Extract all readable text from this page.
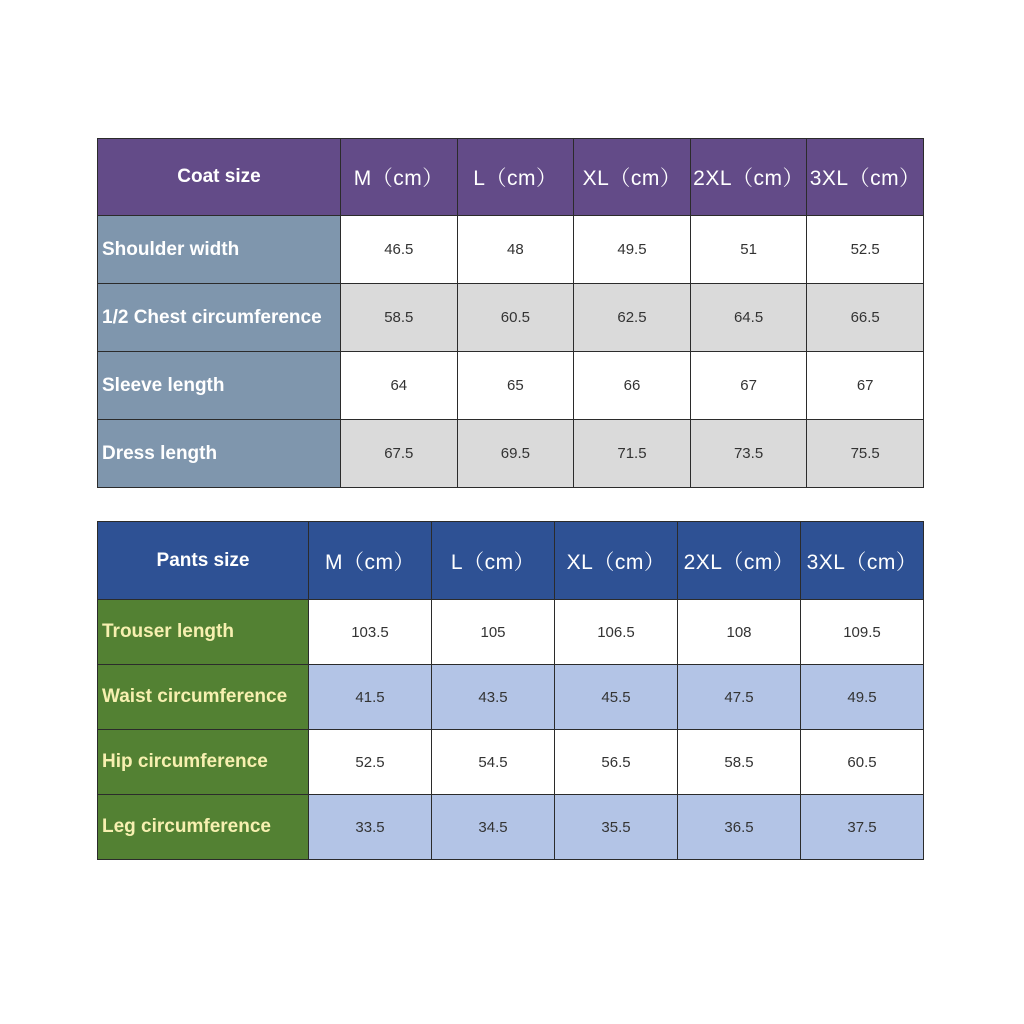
Coat size	M（cm）	L（cm）	XL（cm）	2XL（cm）	3XL（cm）
Shoulder width	46.5	48	49.5	51	52.5
1/2 Chest circumference	58.5	60.5	62.5	64.5	66.5
Sleeve length	64	65	66	67	67
Dress length	67.5	69.5	71.5	73.5	75.5
Pants size	M（cm）	L（cm）	XL（cm）	2XL（cm）	3XL（cm）
Trouser length	103.5	105	106.5	108	109.5
Waist circumference	41.5	43.5	45.5	47.5	49.5
Hip circumference	52.5	54.5	56.5	58.5	60.5
Leg circumference	33.5	34.5	35.5	36.5	37.5
